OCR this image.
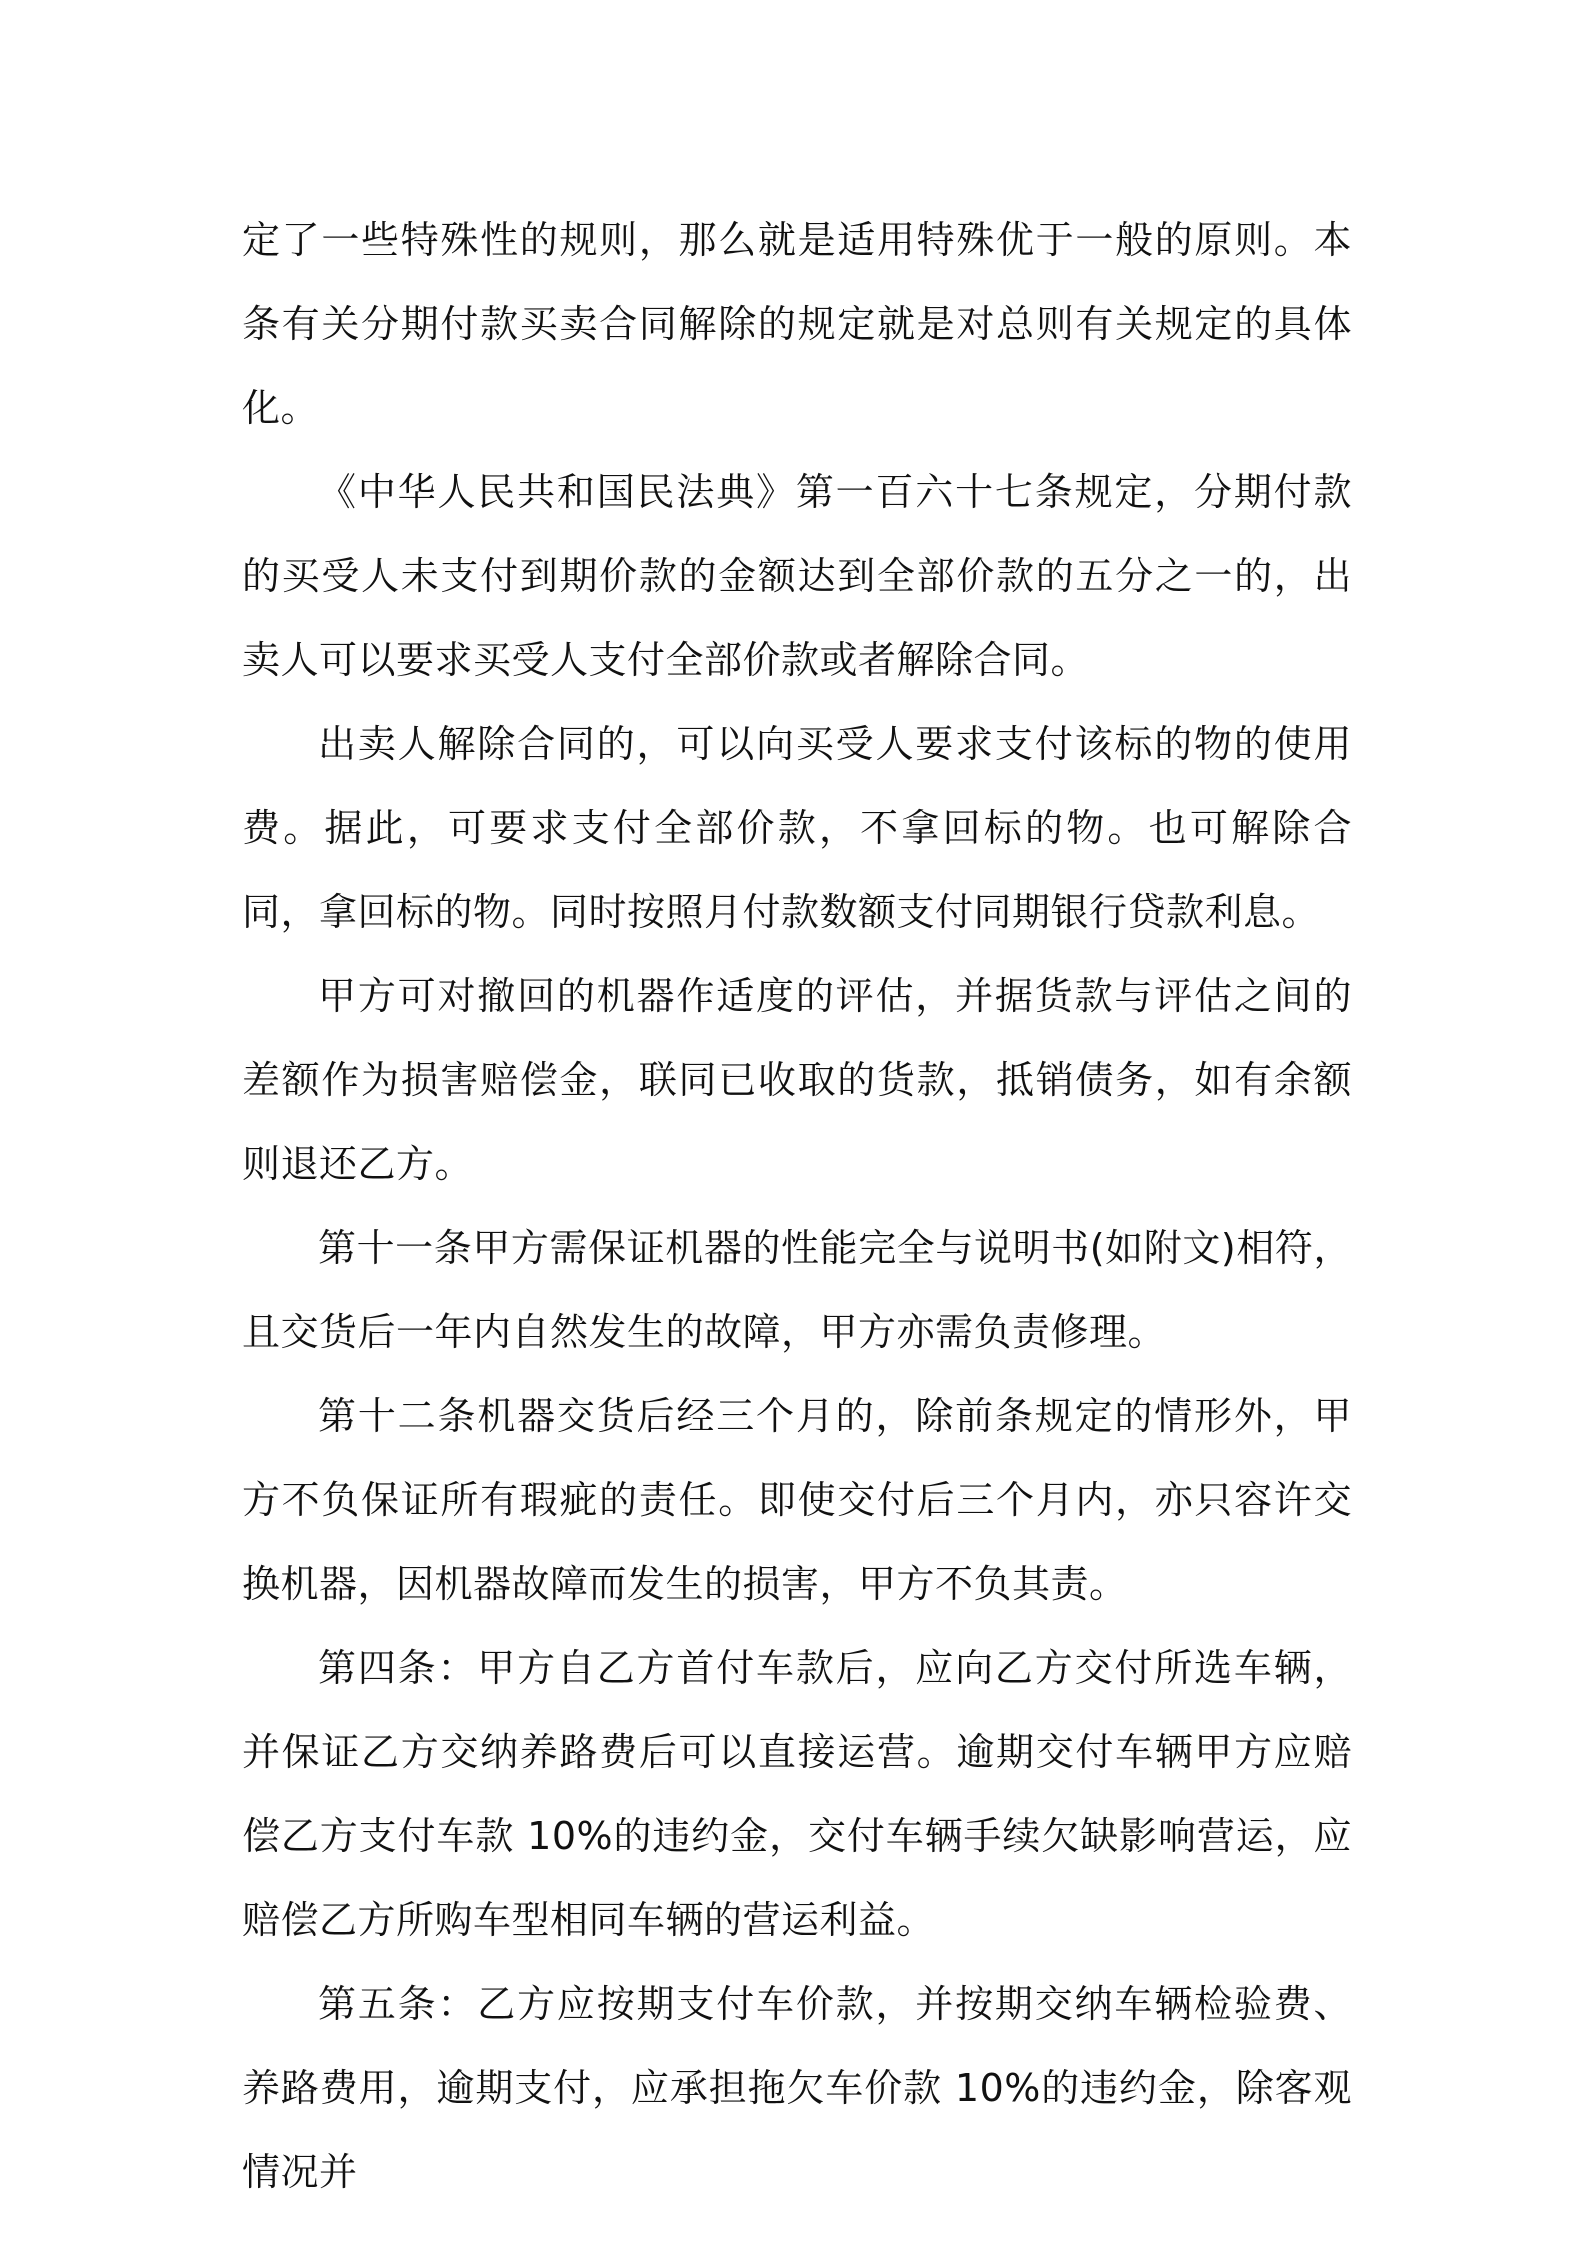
定了一些特殊性的规则，那么就是适用特殊优于一般的原则。本条有关分期付款买卖合同解除的规定就是对总则有关规定的具体化。

《中华人民共和国民法典》第一百六十七条规定，分期付款的买受人未支付到期价款的金额达到全部价款的五分之一的，出卖人可以要求买受人支付全部价款或者解除合同。

出卖人解除合同的，可以向买受人要求支付该标的物的使用费。据此，可要求支付全部价款，不拿回标的物。也可解除合同，拿回标的物。同时按照月付款数额支付同期银行贷款利息。

甲方可对撤回的机器作适度的评估，并据货款与评估之间的差额作为损害赔偿金，联同已收取的货款，抵销债务，如有余额则退还乙方。

第十一条甲方需保证机器的性能完全与说明书(如附文)相符，且交货后一年内自然发生的故障，甲方亦需负责修理。

第十二条机器交货后经三个月的，除前条规定的情形外，甲方不负保证所有瑕疵的责任。即使交付后三个月内，亦只容许交换机器，因机器故障而发生的损害，甲方不负其责。

第四条：甲方自乙方首付车款后，应向乙方交付所选车辆，并保证乙方交纳养路费后可以直接运营。逾期交付车辆甲方应赔偿乙方支付车款 10%的违约金，交付车辆手续欠缺影响营运，应赔偿乙方所购车型相同车辆的营运利益。

第五条：乙方应按期支付车价款，并按期交纳车辆检验费、养路费用，逾期支付，应承担拖欠车价款 10%的违约金，除客观情况并
